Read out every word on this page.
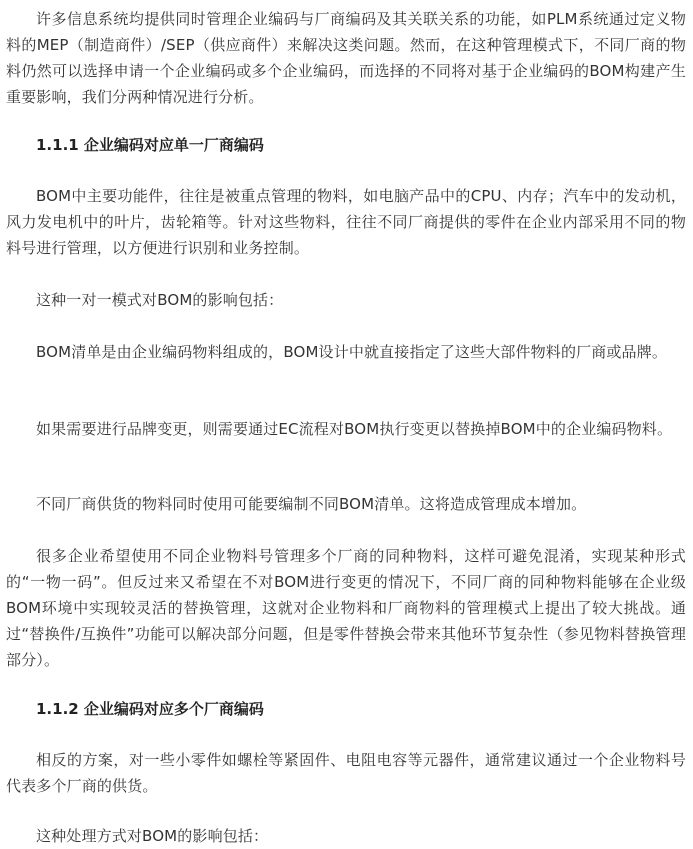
许多信息系统均提供同时管理企业编码与厂商编码及其关联关系的功能，如PLM系统通过定义物料的MEP（制造商件）/SEP（供应商件）来解决这类问题。然而，在这种管理模式下，不同厂商的物料仍然可以选择申请一个企业编码或多个企业编码，而选择的不同将对基于企业编码的BOM构建产生重要影响，我们分两种情况进行分析。

1.1.1 企业编码对应单一厂商编码

BOM中主要功能件，往往是被重点管理的物料，如电脑产品中的CPU、内存；汽车中的发动机，风力发电机中的叶片，齿轮箱等。针对这些物料，往往不同厂商提供的零件在企业内部采用不同的物料号进行管理，以方便进行识别和业务控制。

这种一对一模式对BOM的影响包括：

BOM清单是由企业编码物料组成的，BOM设计中就直接指定了这些大部件物料的厂商或品牌。

如果需要进行品牌变更，则需要通过EC流程对BOM执行变更以替换掉BOM中的企业编码物料。

不同厂商供货的物料同时使用可能要编制不同BOM清单。这将造成管理成本增加。

很多企业希望使用不同企业物料号管理多个厂商的同种物料，这样可避免混淆，实现某种形式的“一物一码”。但反过来又希望在不对BOM进行变更的情况下，不同厂商的同种物料能够在企业级BOM环境中实现较灵活的替换管理，这就对企业物料和厂商物料的管理模式上提出了较大挑战。通过“替换件/互换件”功能可以解决部分问题，但是零件替换会带来其他环节复杂性（参见物料替换管理部分）。

1.1.2 企业编码对应多个厂商编码

相反的方案，对一些小零件如螺栓等紧固件、电阻电容等元器件，通常建议通过一个企业物料号代表多个厂商的供货。

这种处理方式对BOM的影响包括：
